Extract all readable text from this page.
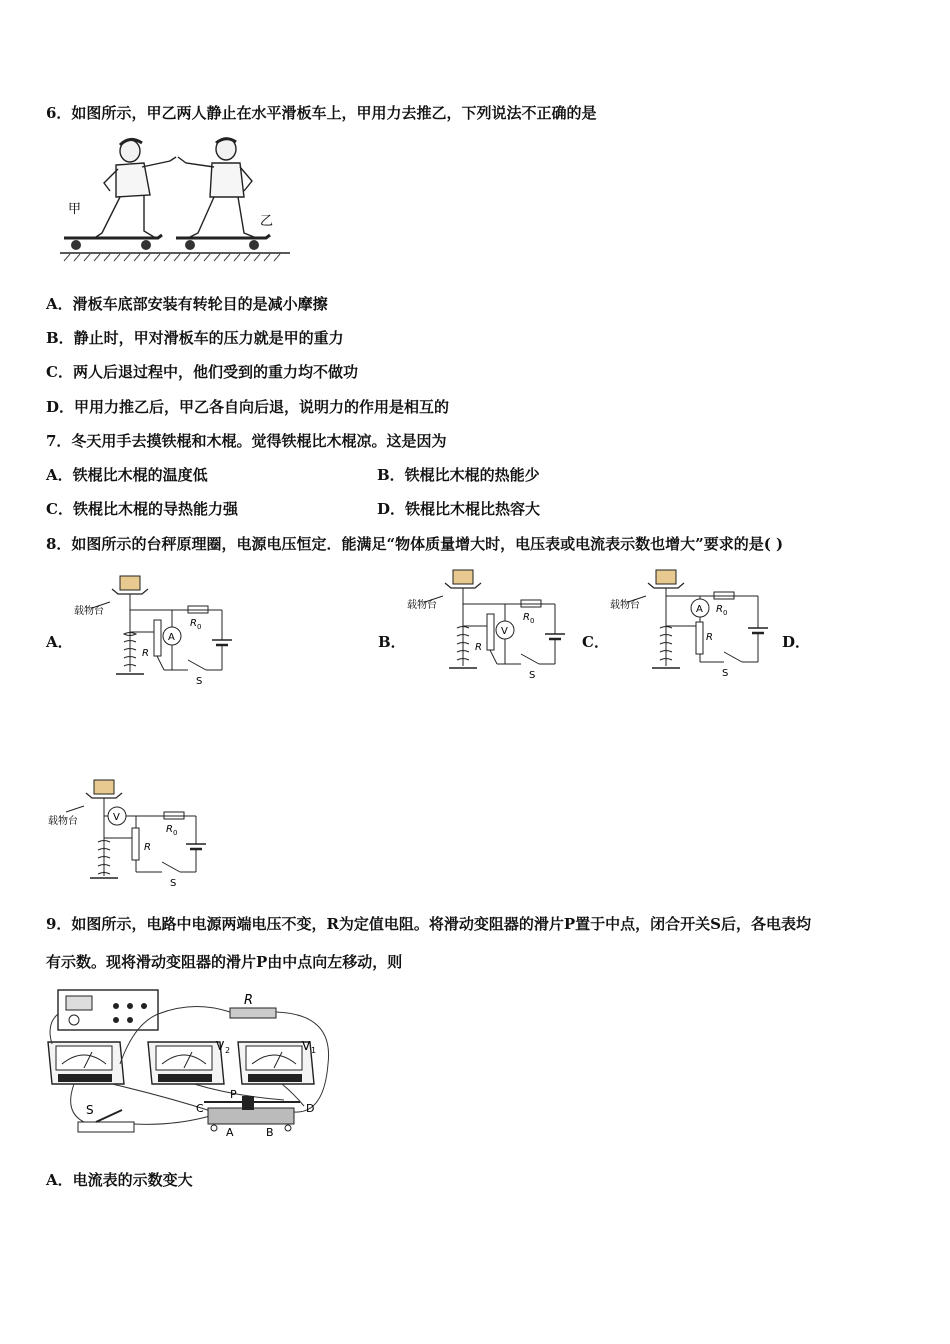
6．如图所示，甲乙两人静止在水平滑板车上，甲用力去推乙，下列说法不正确的是
甲
乙
A．滑板车底部安装有转轮目的是减小摩擦
B．静止时，甲对滑板车的压力就是甲的重力
C．两人后退过程中，他们受到的重力均不做功
D．甲用力推乙后，甲乙各自向后退，说明力的作用是相互的
7．冬天用手去摸铁棍和木棍。觉得铁棍比木棍凉。这是因为
A．铁棍比木棍的温度低	B．铁棍比木棍的热能少
C．铁棍比木棍的导热能力强	D．铁棍比木棍比热容大
8．如图所示的台秤原理圈，电源电压恒定．能满足“物体质量增大时，电压表或电流表示数也增大”要求的是( )
A．	B．	C．	D．
载物台
R 0
S
R
A
载物台
R 0
S
R
V
载物台	R 0
S
A
R
载物台	V
R 0
S
R
9．如图所示，电路中电源两端电压不变，R为定值电阻。将滑动变阻器的滑片P置于中点，闭合开关S后，各电表均
有示数。现将滑动变阻器的滑片P由中点向左移动，则
R
V 2	V 1
S	C
P
D
A	B
A．电流表的示数变大
